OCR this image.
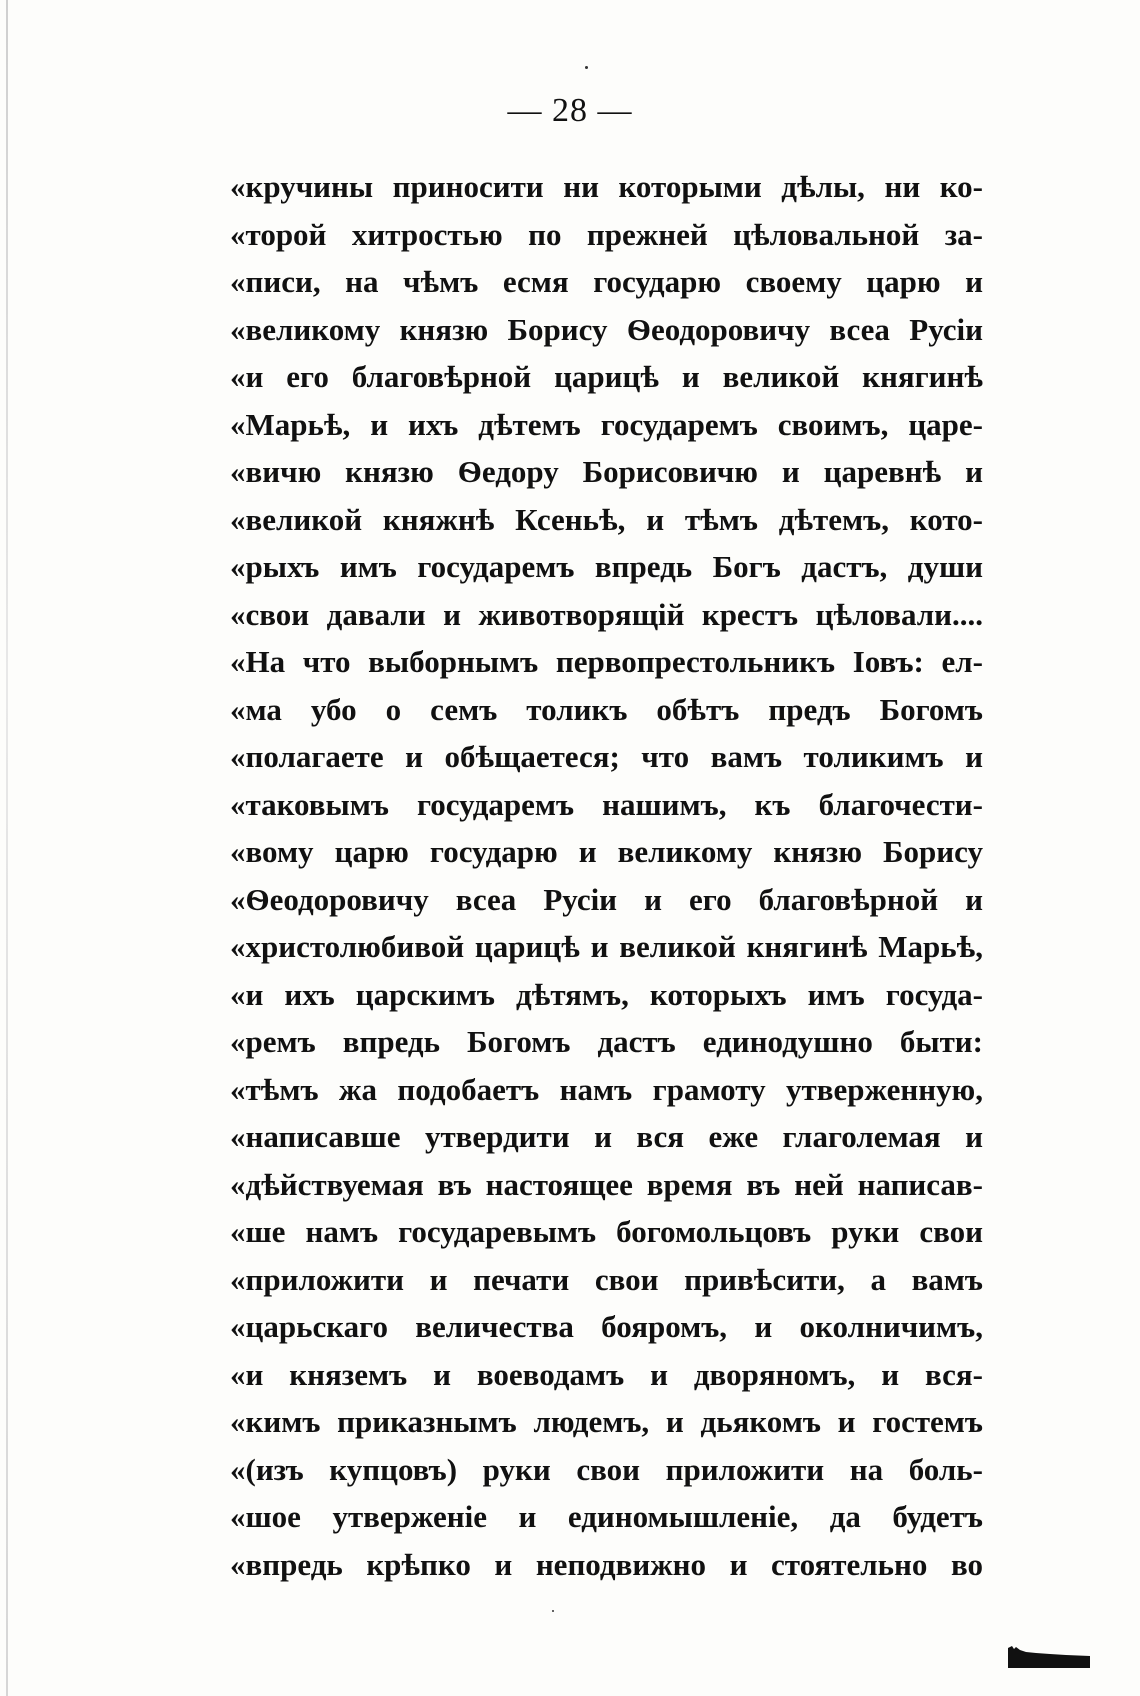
— 28 —
«кручины приносити ни которыми дѣлы, ни ко-
«торой хитростью по прежней цѣловальной за-
«писи, на чѣмъ есмя государю своему царю и
«великому князю Борису Ѳеодоровичу всеа Русіи
«и его благовѣрной царицѣ и великой княгинѣ
«Марьѣ, и ихъ дѣтемъ государемъ своимъ, царе-
«вичю князю Ѳедору Борисовичю и царевнѣ и
«великой княжнѣ Ксеньѣ, и тѣмъ дѣтемъ, кото-
«рыхъ имъ государемъ впредь Богъ дастъ, души
«свои давали и животворящій крестъ цѣловали....
«На что выборнымъ первопрестольникъ Іовъ: ел-
«ма убо о семъ толикъ обѣтъ предъ Богомъ
«полагаете и обѣщаетеся; что вамъ толикимъ и
«таковымъ государемъ нашимъ, къ благочести-
«вому царю государю и великому князю Борису
«Ѳеодоровичу всеа Русіи и его благовѣрной и
«христолюбивой царицѣ и великой княгинѣ Марьѣ,
«и ихъ царскимъ дѣтямъ, которыхъ имъ госуда-
«ремъ впредь Богомъ дастъ единодушно быти:
«тѣмъ жа подобаетъ намъ грамоту утверженную,
«написавше утвердити и вся еже глаголемая и
«дѣйствуемая въ настоящее время въ ней написав-
«ше намъ государевымъ богомольцовъ руки свои
«приложити и печати свои привѣсити, а вамъ
«царьскаго величества бояромъ, и околничимъ,
«и княземъ и воеводамъ и дворяномъ, и вся-
«кимъ приказнымъ людемъ, и дьякомъ и гостемъ
«(изъ купцовъ) руки свои приложити на боль-
«шое утверженіе и единомышленіе, да будетъ
«впредь крѣпко и неподвижно и стоятельно во
